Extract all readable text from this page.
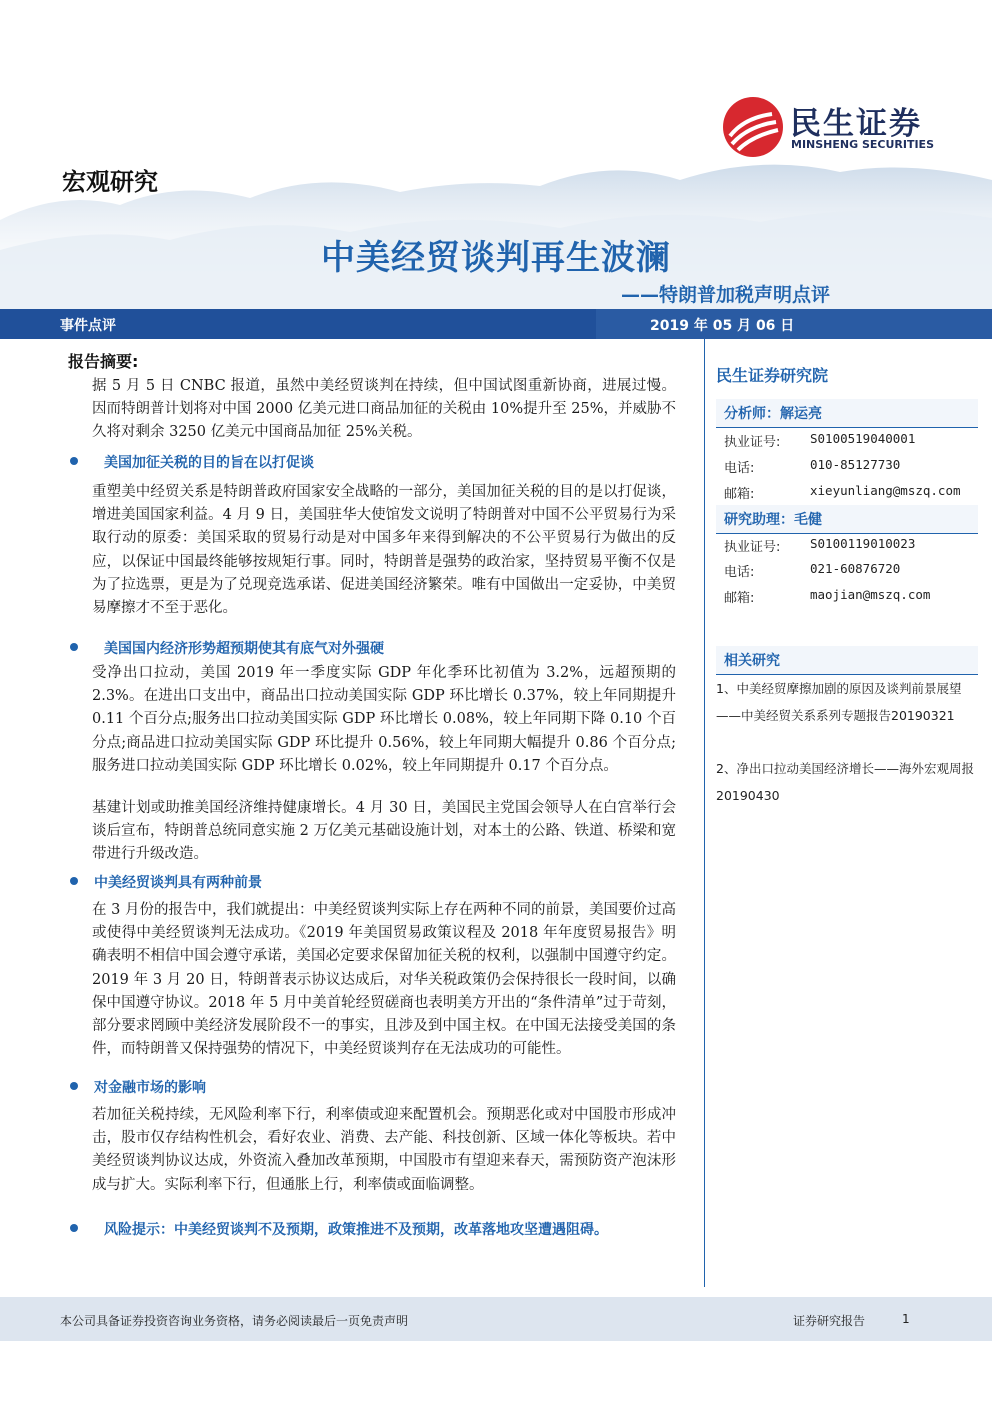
民生证券
MINSHENG SECURITIES
宏观研究
中美经贸谈判再生波澜
——特朗普加税声明点评
事件点评	2019 年 05 月 06 日
报告摘要:
据 5 月 5 日 CNBC 报道，虽然中美经贸谈判在持续，但中国试图重新协商，进展过慢。因而特朗普计划将对中国 2000 亿美元进口商品加征的关税由 10%提升至 25%，并威胁不久将对剩余 3250 亿美元中国商品加征 25%关税。
美国加征关税的目的旨在以打促谈
重塑美中经贸关系是特朗普政府国家安全战略的一部分，美国加征关税的目的是以打促谈，增进美国国家利益。4 月 9 日，美国驻华大使馆发文说明了特朗普对中国不公平贸易行为采取行动的原委：美国采取的贸易行动是对中国多年来得到解决的不公平贸易行为做出的反应，以保证中国最终能够按规矩行事。同时，特朗普是强势的政治家，坚持贸易平衡不仅是为了拉选票，更是为了兑现竞选承诺、促进美国经济繁荣。唯有中国做出一定妥协，中美贸易摩擦才不至于恶化。
美国国内经济形势超预期使其有底气对外强硬
受净出口拉动，美国 2019 年一季度实际 GDP 年化季环比初值为 3.2%，远超预期的 2.3%。在进出口支出中，商品出口拉动美国实际 GDP 环比增长 0.37%，较上年同期提升 0.11 个百分点;服务出口拉动美国实际 GDP 环比增长 0.08%，较上年同期下降 0.10 个百分点;商品进口拉动美国实际 GDP 环比提升 0.56%，较上年同期大幅提升 0.86 个百分点;服务进口拉动美国实际 GDP 环比增长 0.02%，较上年同期提升 0.17 个百分点。
基建计划或助推美国经济维持健康增长。4 月 30 日，美国民主党国会领导人在白宫举行会谈后宣布，特朗普总统同意实施 2 万亿美元基础设施计划，对本土的公路、铁道、桥梁和宽带进行升级改造。
中美经贸谈判具有两种前景
在 3 月份的报告中，我们就提出：中美经贸谈判实际上存在两种不同的前景，美国要价过高或使得中美经贸谈判无法成功。《2019 年美国贸易政策议程及 2018 年年度贸易报告》明确表明不相信中国会遵守承诺，美国必定要求保留加征关税的权利，以强制中国遵守约定。2019 年 3 月 20 日，特朗普表示协议达成后，对华关税政策仍会保持很长一段时间，以确保中国遵守协议。2018 年 5 月中美首轮经贸磋商也表明美方开出的“条件清单”过于苛刻，部分要求罔顾中美经济发展阶段不一的事实，且涉及到中国主权。在中国无法接受美国的条件，而特朗普又保持强势的情况下，中美经贸谈判存在无法成功的可能性。
对金融市场的影响
若加征关税持续，无风险利率下行，利率债或迎来配置机会。预期恶化或对中国股市形成冲击，股市仅存结构性机会，看好农业、消费、去产能、科技创新、区域一体化等板块。若中美经贸谈判协议达成，外资流入叠加改革预期，中国股市有望迎来春天，需预防资产泡沫形成与扩大。实际利率下行，但通胀上行，利率债或面临调整。
风险提示：中美经贸谈判不及预期，政策推进不及预期，改革落地攻坚遭遇阻碍。
民生证券研究院
分析师：解运亮
执业证号: S0100519040001
电话:	010-85127730
邮箱:	xieyunliang@mszq.com
研究助理：毛健
执业证号: S0100119010023
电话:	021-60876720
邮箱:	maojian@mszq.com
相关研究
1、中美经贸摩擦加剧的原因及谈判前景展望——中美经贸关系系列专题报告20190321
2、净出口拉动美国经济增长——海外宏观周报 20190430
本公司具备证券投资咨询业务资格，请务必阅读最后一页免责声明	证券研究报告	1
